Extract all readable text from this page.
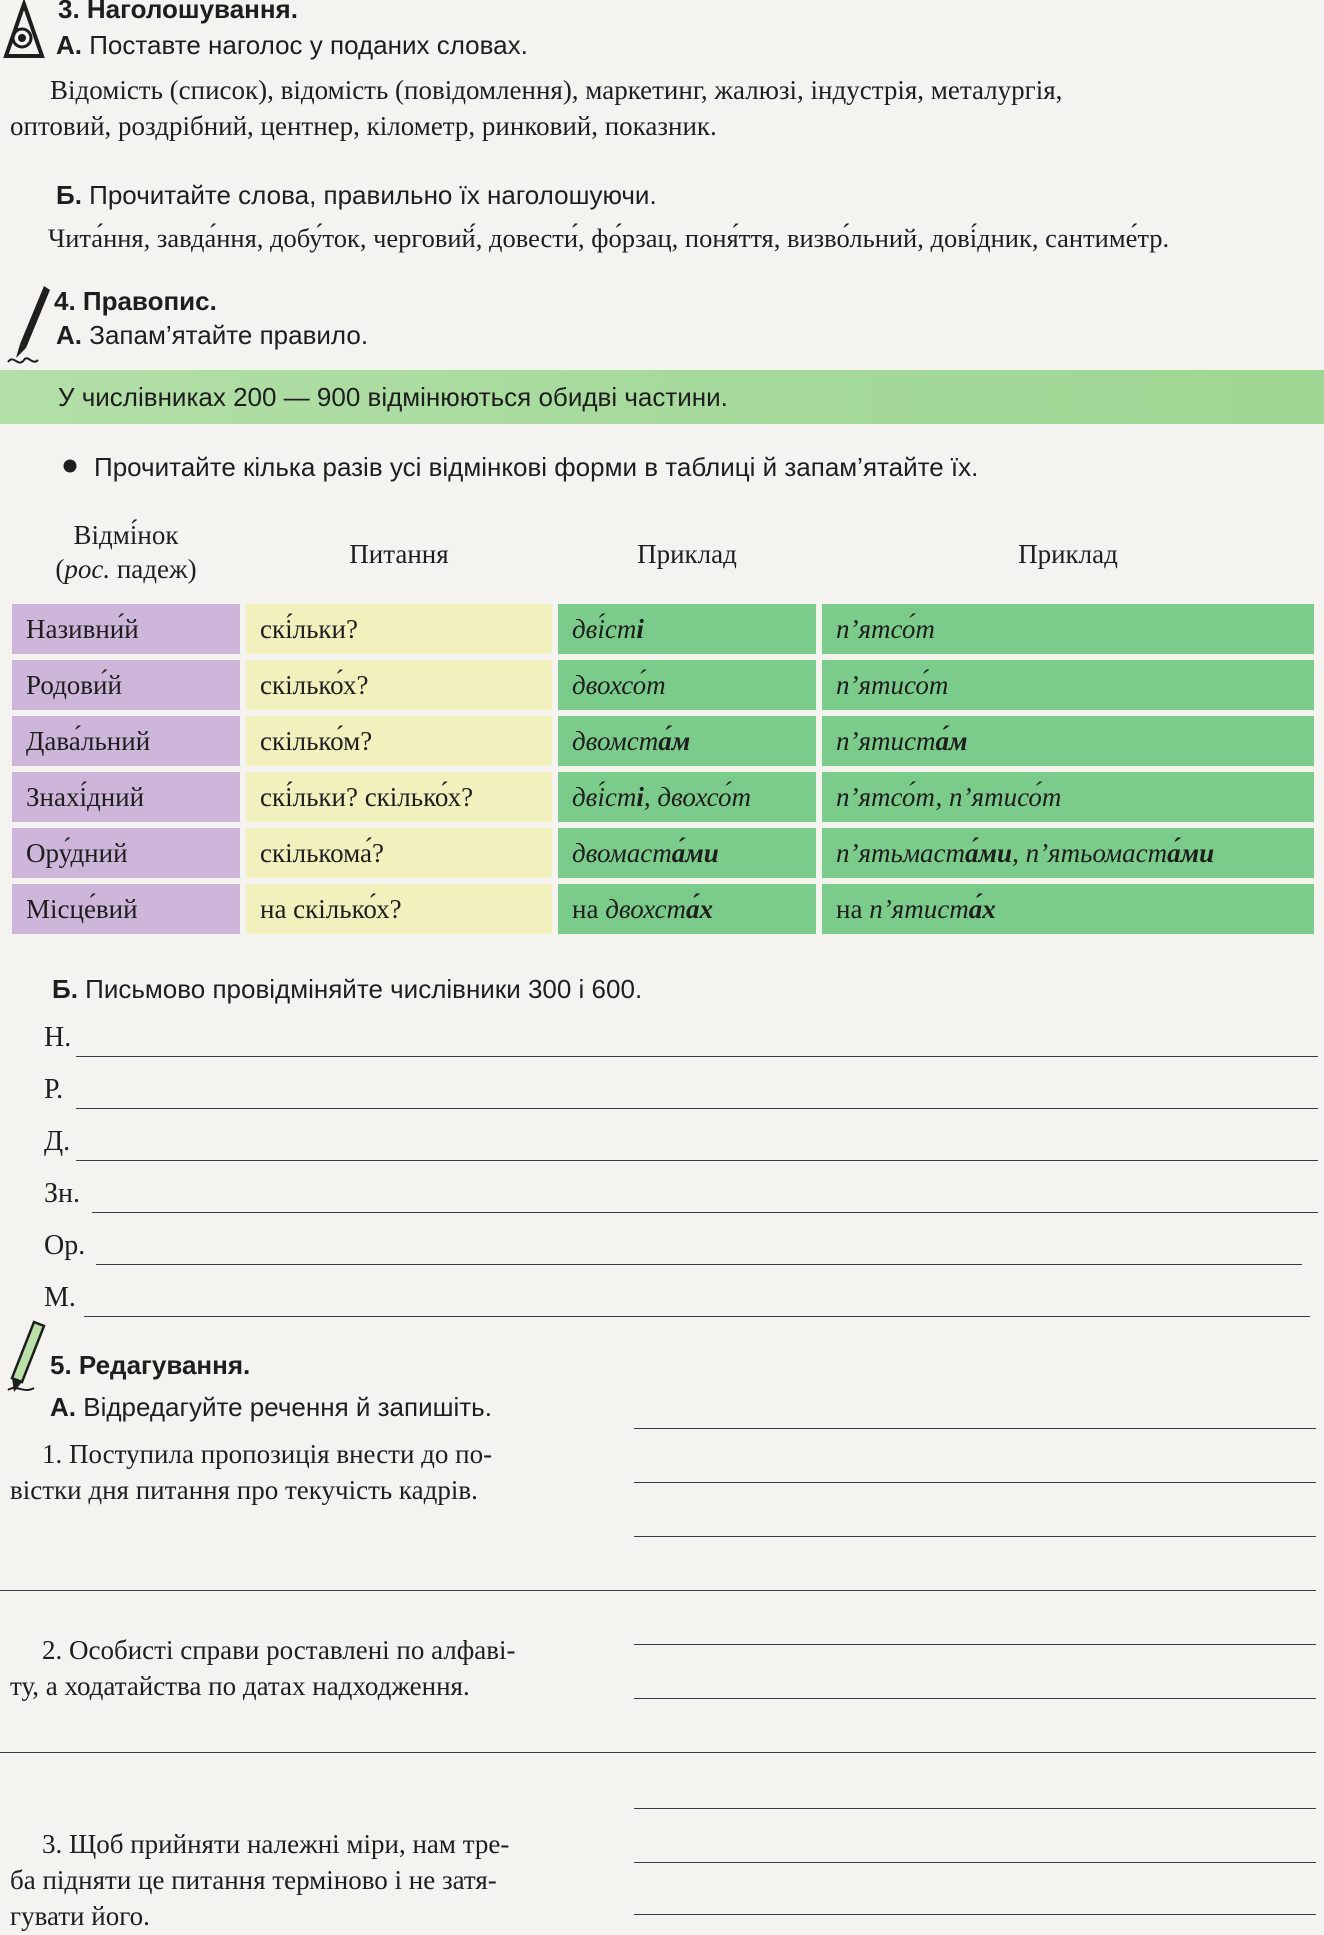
3. Наголошування.
А. Поставте наголос у поданих словах.
Відомість (список), відомість (повідомлення), маркетинг, жалюзі, індустрія, металургія,
оптовий, роздрібний, центнер, кілометр, ринковий, показник.
Б. Прочитайте слова, правильно їх наголошуючи.
Чита́ння, завда́ння, добу́ток, черговий́, довести́, фо́рзац, поня́ття, визво́льний, дові́дник, сантиме́тр.
4. Правопис.
А. Запам’ятайте правило.
У числівниках 200 — 900 відмінюються обидві частини.
Прочитайте кілька разів усі відмінкові форми в таблиці й запам’ятайте їх.
Відмі́нок
(рос. падеж)	Питання	Приклад	Приклад
Називни́й	скі́льки?	дві́сті	п’ятсо́т
Родови́й	скілько́х?	двохсо́т	п’ятисо́т
Дава́льний	скілько́м?	двомста́м	п’ятиста́м
Знахі́дний	скі́льки? скілько́х?	дві́сті, двохсо́т	п’ятсо́т, п’ятисо́т
Ору́дний	скількома́?	двомаста́ми	п’ятьмаста́ми, п’ятьомаста́ми
Місце́вий	на скілько́х?	на двохста́х	на п’ятиста́х
Б. Письмово провідміняйте числівники 300 і 600.
Н.
Р.
Д.
Зн.
Ор.
М.
5. Редагування.
А. Відредагуйте речення й запишіть.
1. Поступила пропозиція внести до по-
вістки дня питання про текучість кадрів.
2. Особисті справи роставлені по алфаві-
ту, а ходатайства по датах надходження.
3. Щоб прийняти належні міри, нам тре-
ба підняти це питання терміново і не затя-
гувати його.
